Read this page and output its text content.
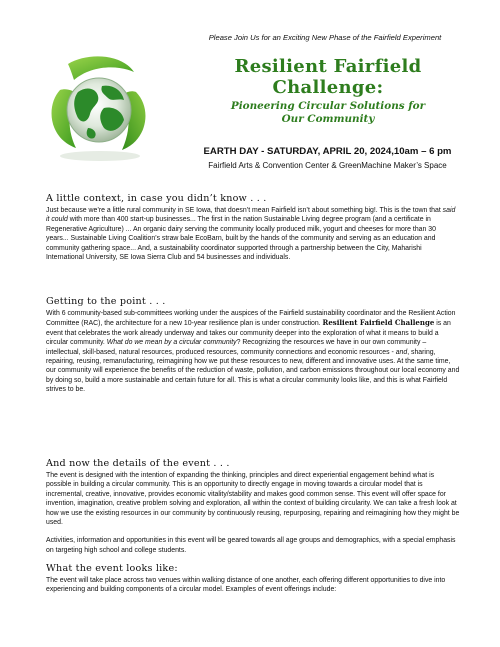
Please Join Us for an Exciting New Phase of the Fairfield Experiment
Resilient Fairfield
Challenge:
Pioneering Circular Solutions for
Our Community
EARTH DAY - SATURDAY, APRIL 20, 2024,10am – 6 pm
Fairfield Arts & Convention Center & GreenMachine Maker’s Space
A little context, in case you didn’t know . . .

Just because we’re a little rural community in SE Iowa, that doesn’t mean Fairfield isn’t about something big!. This is the town that said it could with more than 400 start-up businesses... The first in the nation Sustainable Living degree program (and a certificate in Regenerative Agriculture) ... An organic dairy serving the community locally produced milk, yogurt and cheeses for more than 30 years... Sustainable Living Coalition’s straw bale EcoBarn, built by the hands of the community and serving as an education and community gathering space... And, a sustainability coordinator supported through a partnership between the City, Maharishi International University, SE Iowa Sierra Club and 54 businesses and individuals.

Getting to the point . . .

With 6 community-based sub-committees working under the auspices of the Fairfield sustainability coordinator and the Resilient Action Committee (RAC), the architecture for a new 10-year resilience plan is under construction. Resilient Fairfield Challenge is an event that celebrates the work already underway and takes our community deeper into the exploration of what it means to build a circular community. What do we mean by a circular community? Recognizing the resources we have in our own community – intellectual, skill-based, natural resources, produced resources, community connections and economic resources - and, sharing, repairing, reusing, remanufacturing, reimagining how we put these resources to new, different and innovative uses. At the same time, our community will experience the benefits of the reduction of waste, pollution, and carbon emissions throughout our local economy and by doing so, build a more sustainable and certain future for all. This is what a circular community looks like, and this is what Fairfield strives to be.

And now the details of the event . . .

The event is designed with the intention of expanding the thinking, principles and direct experiential engagement behind what is possible in building a circular community. This is an opportunity to directly engage in moving towards a circular model that is incremental, creative, innovative, provides economic vitality/stability and makes good common sense. This event will offer space for invention, imagination, creative problem solving and exploration, all within the context of building circularity. We can take a fresh look at how we use the existing resources in our community by continuously reusing, repurposing, repairing and reimagining how they might be used.

Activities, information and opportunities in this event will be geared towards all age groups and demographics, with a special emphasis on targeting high school and college students.

What the event looks like:

The event will take place across two venues within walking distance of one another, each offering different opportunities to dive into experiencing and building components of a circular model. Examples of event offerings include:
